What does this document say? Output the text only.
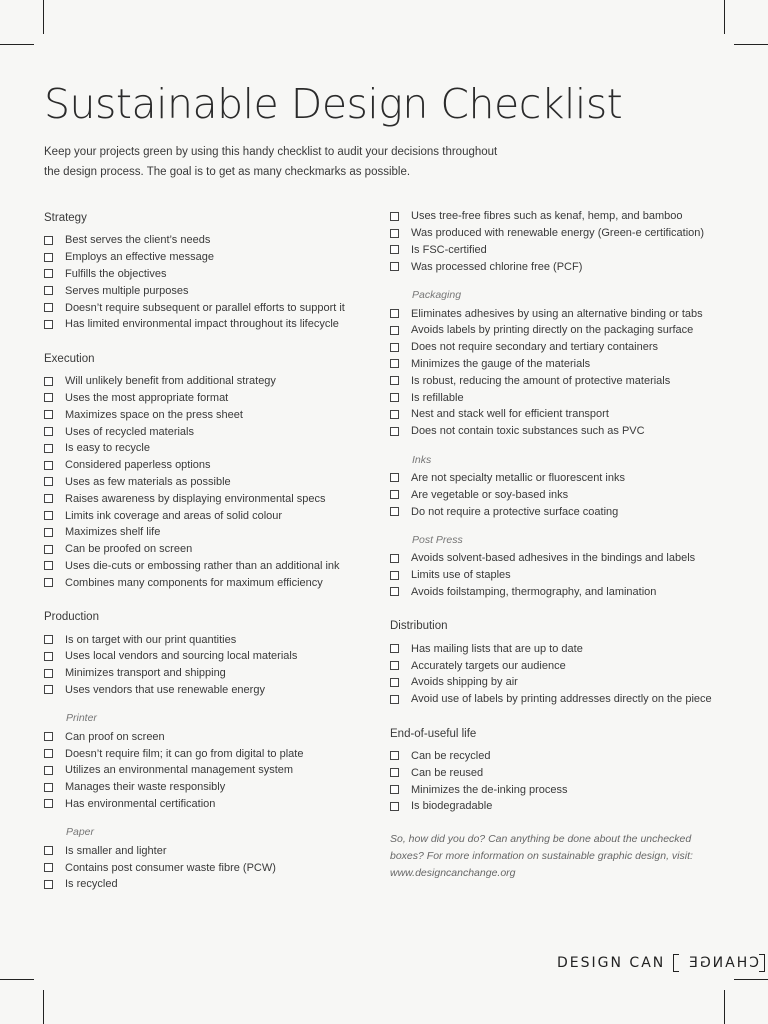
Sustainable Design Checklist
Keep your projects green by using this handy checklist to audit your decisions throughout
the design process. The goal is to get as many checkmarks as possible.
Strategy
Best serves the client’s needs
Employs an effective message
Fulfills the objectives
Serves multiple purposes
Doesn’t require subsequent or parallel efforts to support it
Has limited environmental impact throughout its lifecycle
Execution
Will unlikely benefit from additional strategy
Uses the most appropriate format
Maximizes space on the press sheet
Uses of recycled materials
Is easy to recycle
Considered paperless options
Uses as few materials as possible
Raises awareness by displaying environmental specs
Limits ink coverage and areas of solid colour
Maximizes shelf life
Can be proofed on screen
Uses die-cuts or embossing rather than an additional ink
Combines many components for maximum efficiency
Production
Is on target with our print quantities
Uses local vendors and sourcing local materials
Minimizes transport and shipping
Uses vendors that use renewable energy
Printer
Can proof on screen
Doesn’t require film; it can go from digital to plate
Utilizes an environmental management system
Manages their waste responsibly
Has environmental certification
Paper
Is smaller and lighter
Contains post consumer waste fibre (PCW)
Is recycled
Uses tree-free fibres such as kenaf, hemp, and bamboo
Was produced with renewable energy (Green-e certification)
Is FSC-certified
Was processed chlorine free (PCF)
Packaging
Eliminates adhesives by using an alternative binding or tabs
Avoids labels by printing directly on the packaging surface
Does not require secondary and tertiary containers
Minimizes the gauge of the materials
Is robust, reducing the amount of protective materials
Is refillable
Nest and stack well for efficient transport
Does not contain toxic substances such as PVC
Inks
Are not specialty metallic or fluorescent inks
Are vegetable or soy-based inks
Do not require a protective surface coating
Post Press
Avoids solvent-based adhesives in the bindings and labels
Limits use of staples
Avoids foilstamping, thermography, and lamination
Distribution
Has mailing lists that are up to date
Accurately targets our audience
Avoids shipping by air
Avoid use of labels by printing addresses directly on the piece
End-of-useful life
Can be recycled
Can be reused
Minimizes the de-inking process
Is biodegradable
So, how did you do? Can anything be done about the unchecked
boxes? For more information on sustainable graphic design, visit:
www.designcanchange.org
DESIGN CAN CHANGE
